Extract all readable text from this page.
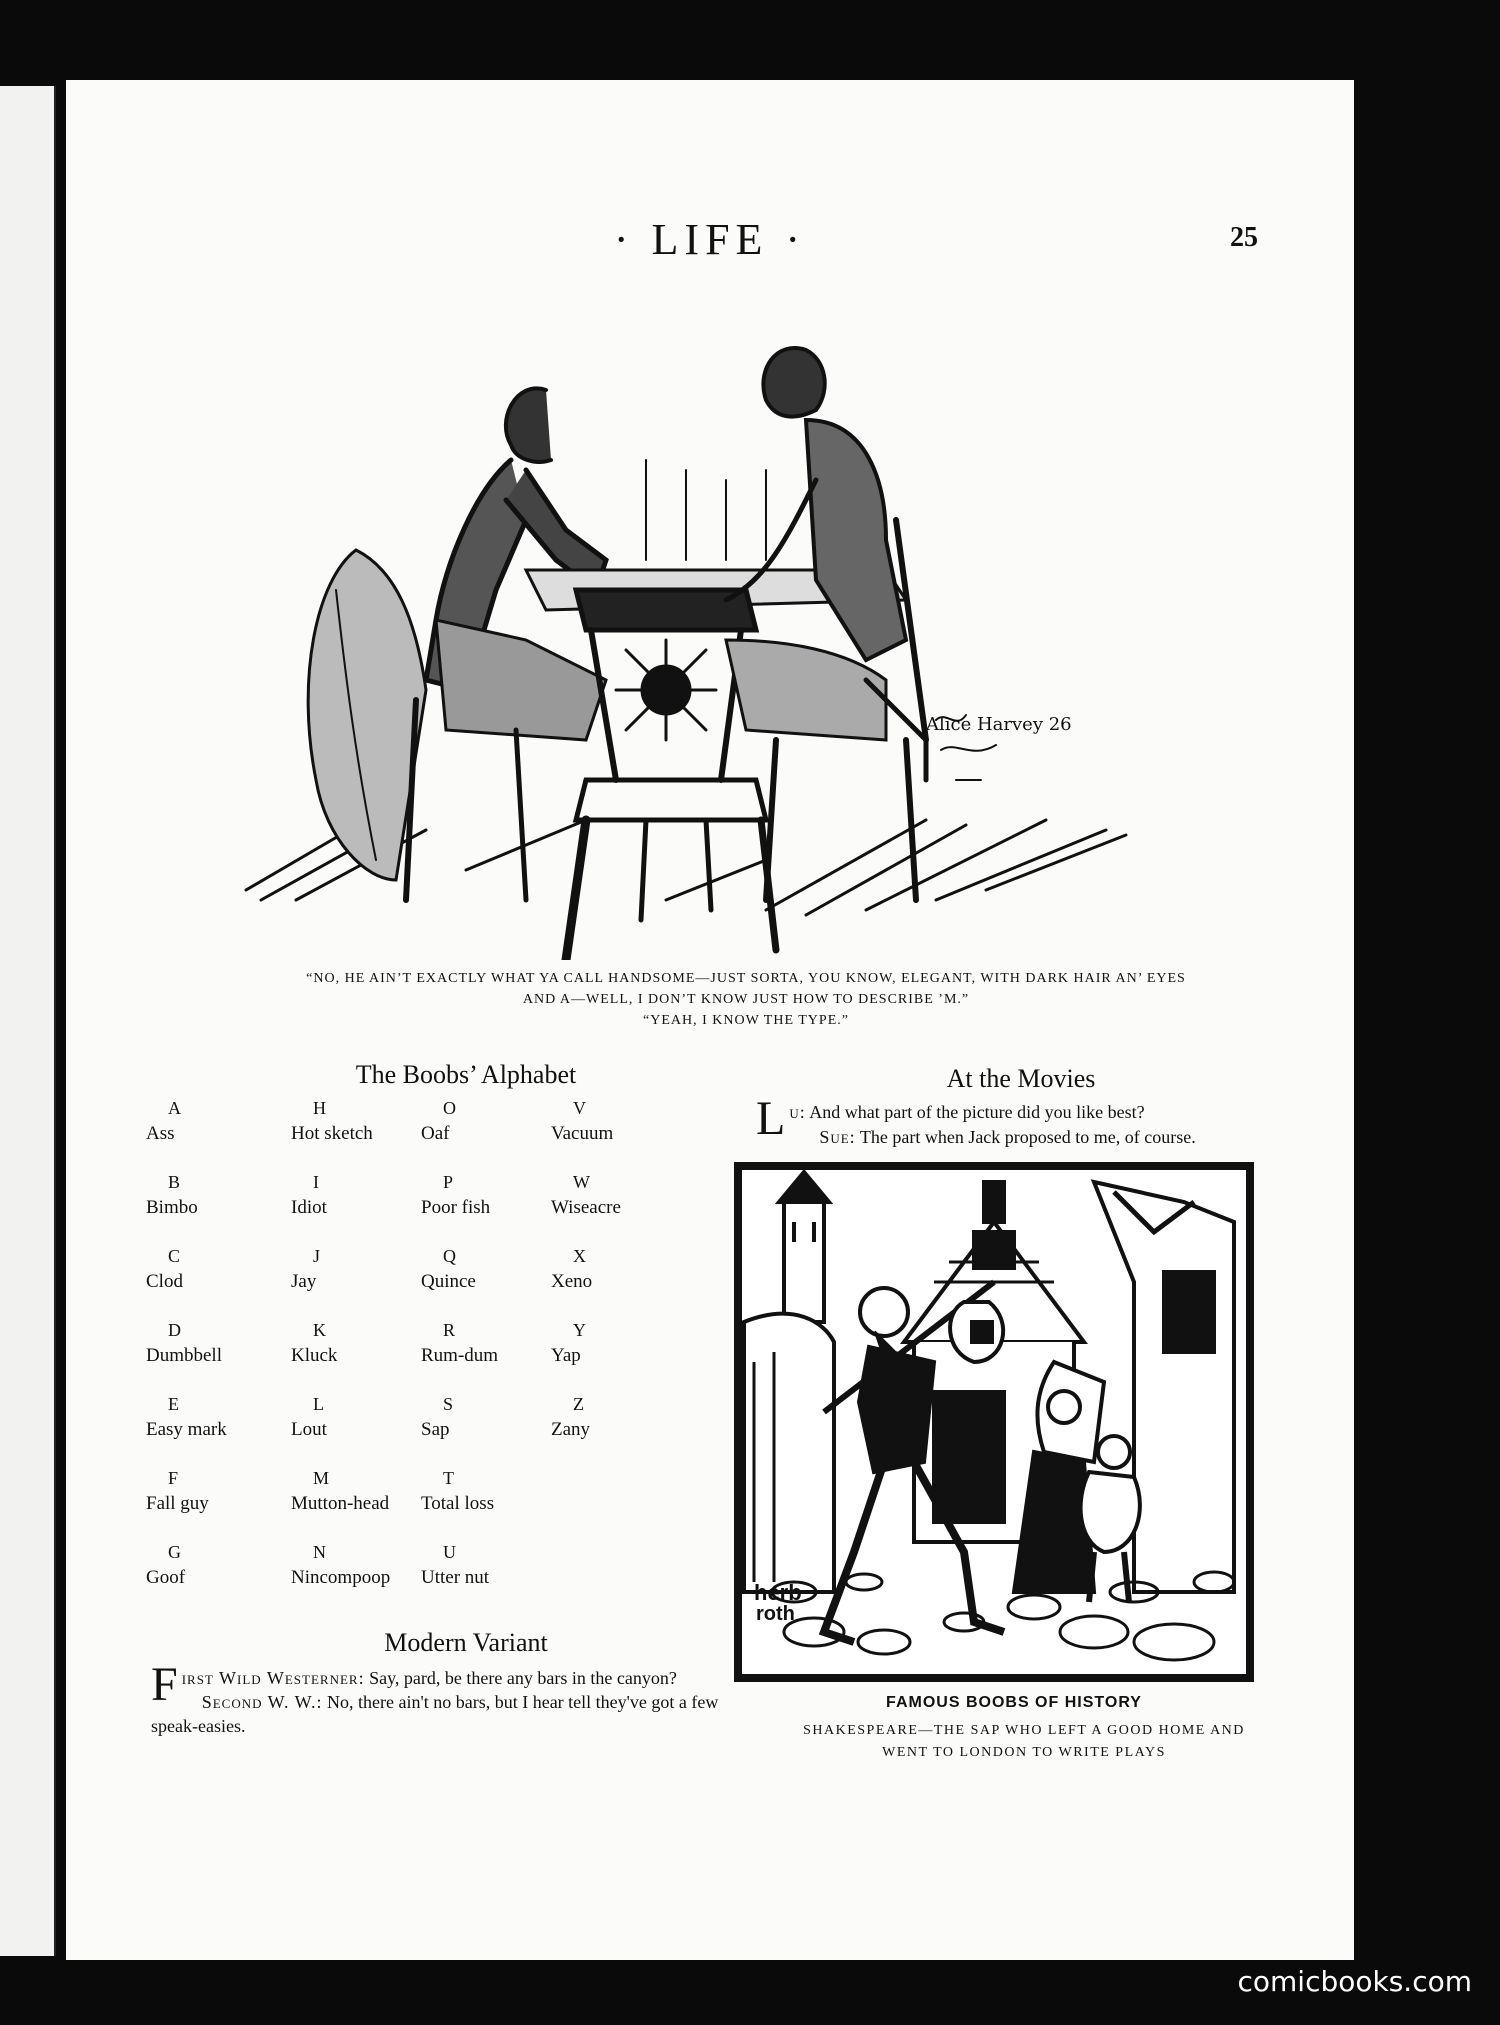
· LIFE ·	25
Alice Harvey 26
“NO, HE AIN’T EXACTLY WHAT YA CALL HANDSOME—JUST SORTA, YOU KNOW, ELEGANT, WITH DARK HAIR AN’ EYES
AND A—WELL, I DON’T KNOW JUST HOW TO DESCRIBE ’M.”
“YEAH, I KNOW THE TYPE.”
The Boobs’ Alphabet
A
Ass
B
Bimbo
C
Clod
D
Dumbbell
E
Easy mark
F
Fall guy
G
Goof
H
Hot sketch
I
Idiot
J
Jay
K
Kluck
L
Lout
M
Mutton-head
N
Nincompoop
O
Oaf
P
Poor fish
Q
Quince
R
Rum-dum
S
Sap
T
Total loss
U
Utter nut
V
Vacuum
W
Wiseacre
X
Xeno
Y
Yap
Z
Zany
Modern Variant
F irst Wild Westerner: Say, pard, be there any bars in the canyon?
Second W. W.: No, there ain't no bars, but I hear tell they've got a few speak-easies.
At the Movies
L u: And what part of the picture did you like best?
Sue: The part when Jack proposed to me, of course.
herb
roth
FAMOUS BOOBS OF HISTORY
SHAKESPEARE—THE SAP WHO LEFT A GOOD HOME AND
WENT TO LONDON TO WRITE PLAYS
comicbooks.com
